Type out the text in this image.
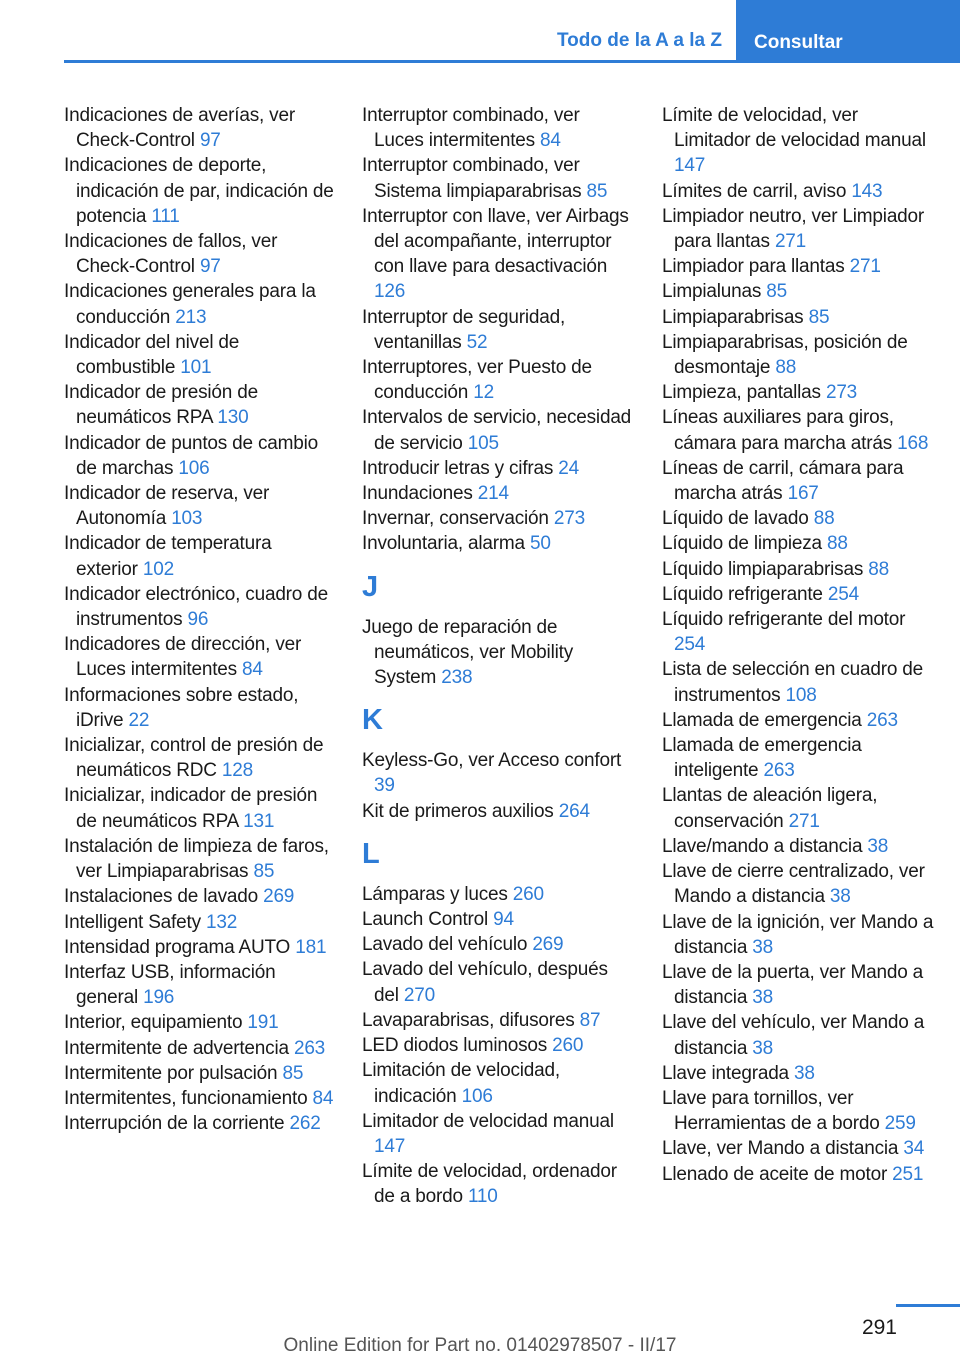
Todo de la A a la Z	Consultar
Indicaciones de averías, ver Check-Control 97
Indicaciones de deporte, indicación de par, indicación de potencia 111
Indicaciones de fallos, ver Check-Control 97
Indicaciones generales para la conducción 213
Indicador del nivel de combustible 101
Indicador de presión de neumáticos RPA 130
Indicador de puntos de cambio de marchas 106
Indicador de reserva, ver Autonomía 103
Indicador de temperatura exterior 102
Indicador electrónico, cuadro de instrumentos 96
Indicadores de dirección, ver Luces intermitentes 84
Informaciones sobre estado, iDrive 22
Inicializar, control de presión de neumáticos RDC 128
Inicializar, indicador de presión de neumáticos RPA 131
Instalación de limpieza de faros, ver Limpiaparabrisas 85
Instalaciones de lavado 269
Intelligent Safety 132
Intensidad programa AUTO 181
Interfaz USB, información general 196
Interior, equipamiento 191
Intermitente de advertencia 263
Intermitente por pulsación 85
Intermitentes, funcionamiento 84
Interrupción de la corriente 262
Interruptor combinado, ver Luces intermitentes 84
Interruptor combinado, ver Sistema limpiaparabrisas 85
Interruptor con llave, ver Airbags del acompañante, interruptor con llave para desactivación 126
Interruptor de seguridad, ventanillas 52
Interruptores, ver Puesto de conducción 12
Intervalos de servicio, necesidad de servicio 105
Introducir letras y cifras 24
Inundaciones 214
Invernar, conservación 273
Involuntaria, alarma 50
J
Juego de reparación de neumáticos, ver Mobility System 238
K
Keyless-Go, ver Acceso confort 39
Kit de primeros auxilios 264
L
Lámparas y luces 260
Launch Control 94
Lavado del vehículo 269
Lavado del vehículo, después del 270
Lavaparabrisas, difusores 87
LED diodos luminosos 260
Limitación de velocidad, indicación 106
Limitador de velocidad manual 147
Límite de velocidad, ordenador de a bordo 110
Límite de velocidad, ver Limitador de velocidad manual 147
Límites de carril, aviso 143
Limpiador neutro, ver Limpiador para llantas 271
Limpiador para llantas 271
Limpialunas 85
Limpiaparabrisas 85
Limpiaparabrisas, posición de desmontaje 88
Limpieza, pantallas 273
Líneas auxiliares para giros, cámara para marcha atrás 168
Líneas de carril, cámara para marcha atrás 167
Líquido de lavado 88
Líquido de limpieza 88
Líquido limpiaparabrisas 88
Líquido refrigerante 254
Líquido refrigerante del motor 254
Lista de selección en cuadro de instrumentos 108
Llamada de emergencia 263
Llamada de emergencia inteligente 263
Llantas de aleación ligera, conservación 271
Llave/mando a distancia 38
Llave de cierre centralizado, ver Mando a distancia 38
Llave de la ignición, ver Mando a distancia 38
Llave de la puerta, ver Mando a distancia 38
Llave del vehículo, ver Mando a distancia 38
Llave integrada 38
Llave para tornillos, ver Herramientas de a bordo 259
Llave, ver Mando a distancia 34
Llenado de aceite de motor 251
291
Online Edition for Part no. 01402978507 - II/17
